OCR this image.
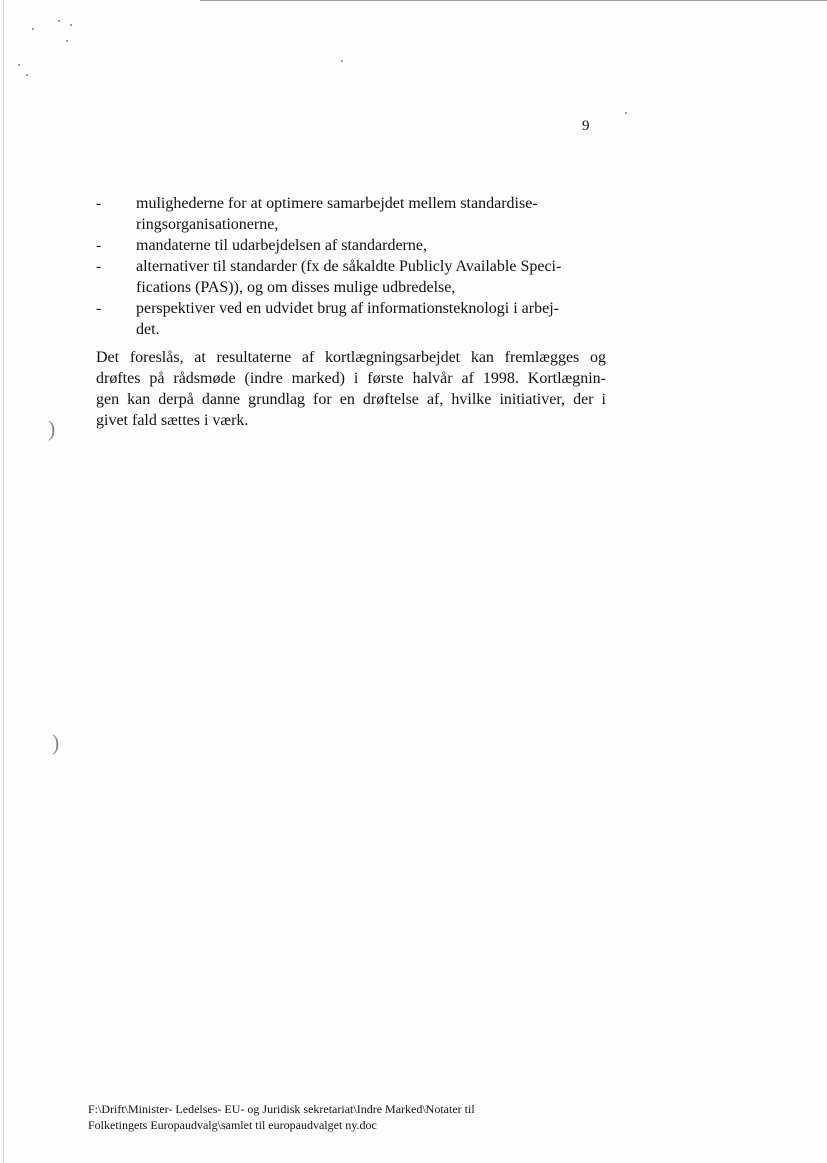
9
-	mulighederne for at optimere samarbejdet mellem standardise-
ringsorganisationerne,
-	mandaterne til udarbejdelsen af standarderne,
-	alternativer til standarder (fx de såkaldte Publicly Available Speci-
fications (PAS)), og om disses mulige udbredelse,
-	perspektiver ved en udvidet brug af informationsteknologi i arbej-
det.

Det foreslås, at resultaterne af kortlægningsarbejdet kan fremlægges og
drøftes på rådsmøde (indre marked) i første halvår af 1998. Kortlægnin-
gen kan derpå danne grundlag for en drøftelse af, hvilke initiativer, der i
givet fald sættes i værk.

)
)
F:\Drift\Minister- Ledelses- EU- og Juridisk sekretariat\Indre Marked\Notater til
Folketingets Europaudvalg\samlet til europaudvalget ny.doc
